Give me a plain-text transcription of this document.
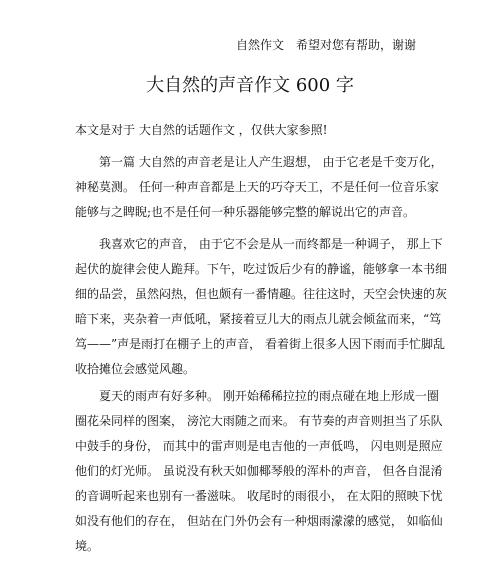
自然作文　希望对您有帮助，谢谢
大自然的声音作文 600 字
本文是对于 大自然的话题作文 ，仅供大家参照!

　　第一篇 大自然的声音老是让人产生遐想， 由于它老是千变万化，
神秘莫测。 任何一种声音都是上天的巧夺天工，不是任何一位音乐家
能够与之睥睨;也不是任何一种乐器能够完整的解说出它的声音。

　　我喜欢它的声音， 由于它不会是从一而终都是一种调子， 那上下
起伏的旋律会使人跪拜。下午，吃过饭后少有的静谧，能够拿一本书细
细的品尝，虽然闷热，但也颇有一番情趣。往往这时，天空会快速的灰
暗下来，夹杂着一声低吼，紧接着豆儿大的雨点儿就会倾盆而来，“笃
笃——”声是雨打在棚子上的声音， 看着街上很多人因下雨而手忙脚乱
收拾摊位会感觉风趣。

　　夏天的雨声有好多种。 刚开始稀稀拉拉的雨点碰在地上形成一圈
圈花朵同样的图案， 滂沱大雨随之而来。 有节奏的声音则担当了乐队
中鼓手的身份， 而其中的雷声则是电吉他的一声低鸣， 闪电则是照应
他们的灯光师。 虽说没有秋天如伽椰琴般的浑朴的声音， 但各自混淆
的音调听起来也别有一番滋味。 收尾时的雨很小， 在太阳的照映下忧
如没有他们的存在， 但站在门外仍会有一种烟雨濛濛的感觉， 如临仙
境。
